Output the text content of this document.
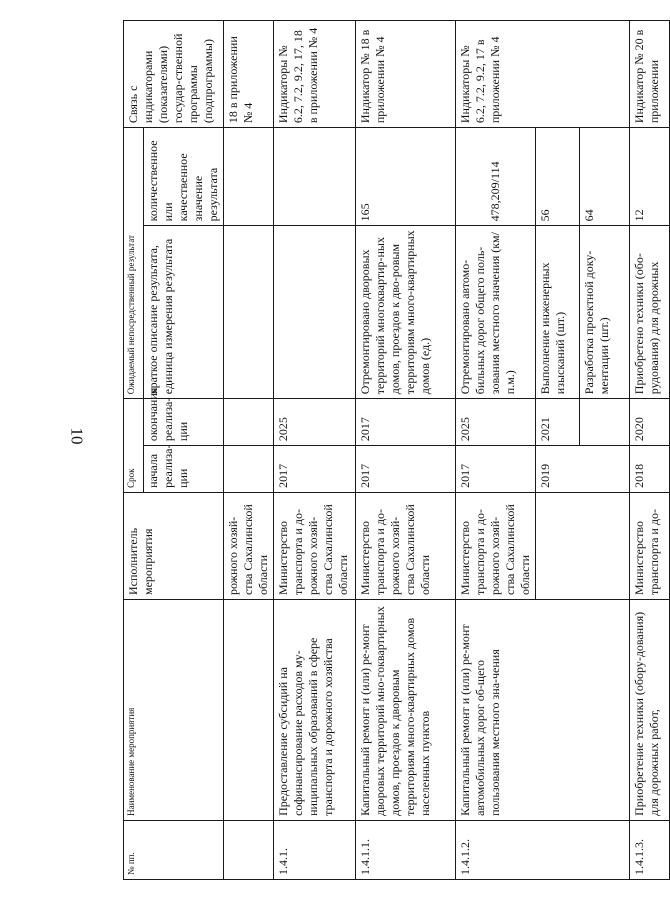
10
№ пп.	Наименование мероприятия	Исполнитель мероприятия	Срок		Ожидаемый непосредственный результат		Связь с индикаторами (показателями) государ-ственной программы (подпрограммы)
			начала реализа-ции	окончания реализа-ции	краткое описание результата, единица измерения результата	количественное или качественное значение результата	
		рожного хозяй-ства Сахалинской области					18 в приложении № 4
1.4.1.	Предоставление субсидий на софинансирование расходов му-ниципальных образований в сфере транспорта и дорожного хозяйства	Министерство транспорта и до-рожного хозяй-ства Сахалинской области	2017	2025			Индикаторы № 6.2, 7.2, 9.2, 17, 18 в приложении № 4
1.4.1.1.	Капитальный ремонт и (или) ре-монт дворовых территорий мно-гоквартирных домов, проездов к дворовым территориям много-квартирных домов населенных пунктов	Министерство транспорта и до-рожного хозяй-ства Сахалинской области	2017	2017	Отремонтировано дворовых территорий многоквартир-ных домов, проездов к дво-ровым территориям много-квартирных домов (ед.)	165	Индикатор № 18 в приложении № 4
1.4.1.2.	Капитальный ремонт и (или) ре-монт автомобильных дорог об-щего пользования местного зна-чения	Министерство транспорта и до-рожного хозяй-ства Сахалинской области	2017	2025	Отремонтировано автомо-бильных дорог общего поль-зования местного значения (км/п.м.)	478,209/114	Индикаторы № 6.2, 7.2, 9.2, 17 в приложении № 4
			2019	2021	Выполнение инженерных изысканий (шт.)	56	
					Разработка проектной доку-ментации (шт.)	64	
1.4.1.3.	Приобретение техники (обору-дования) для дорожных работ,	Министерство транспорта и до-	2018	2020	Приобретено техники (обо-рудования) для дорожных	12	Индикатор № 20 в приложении
